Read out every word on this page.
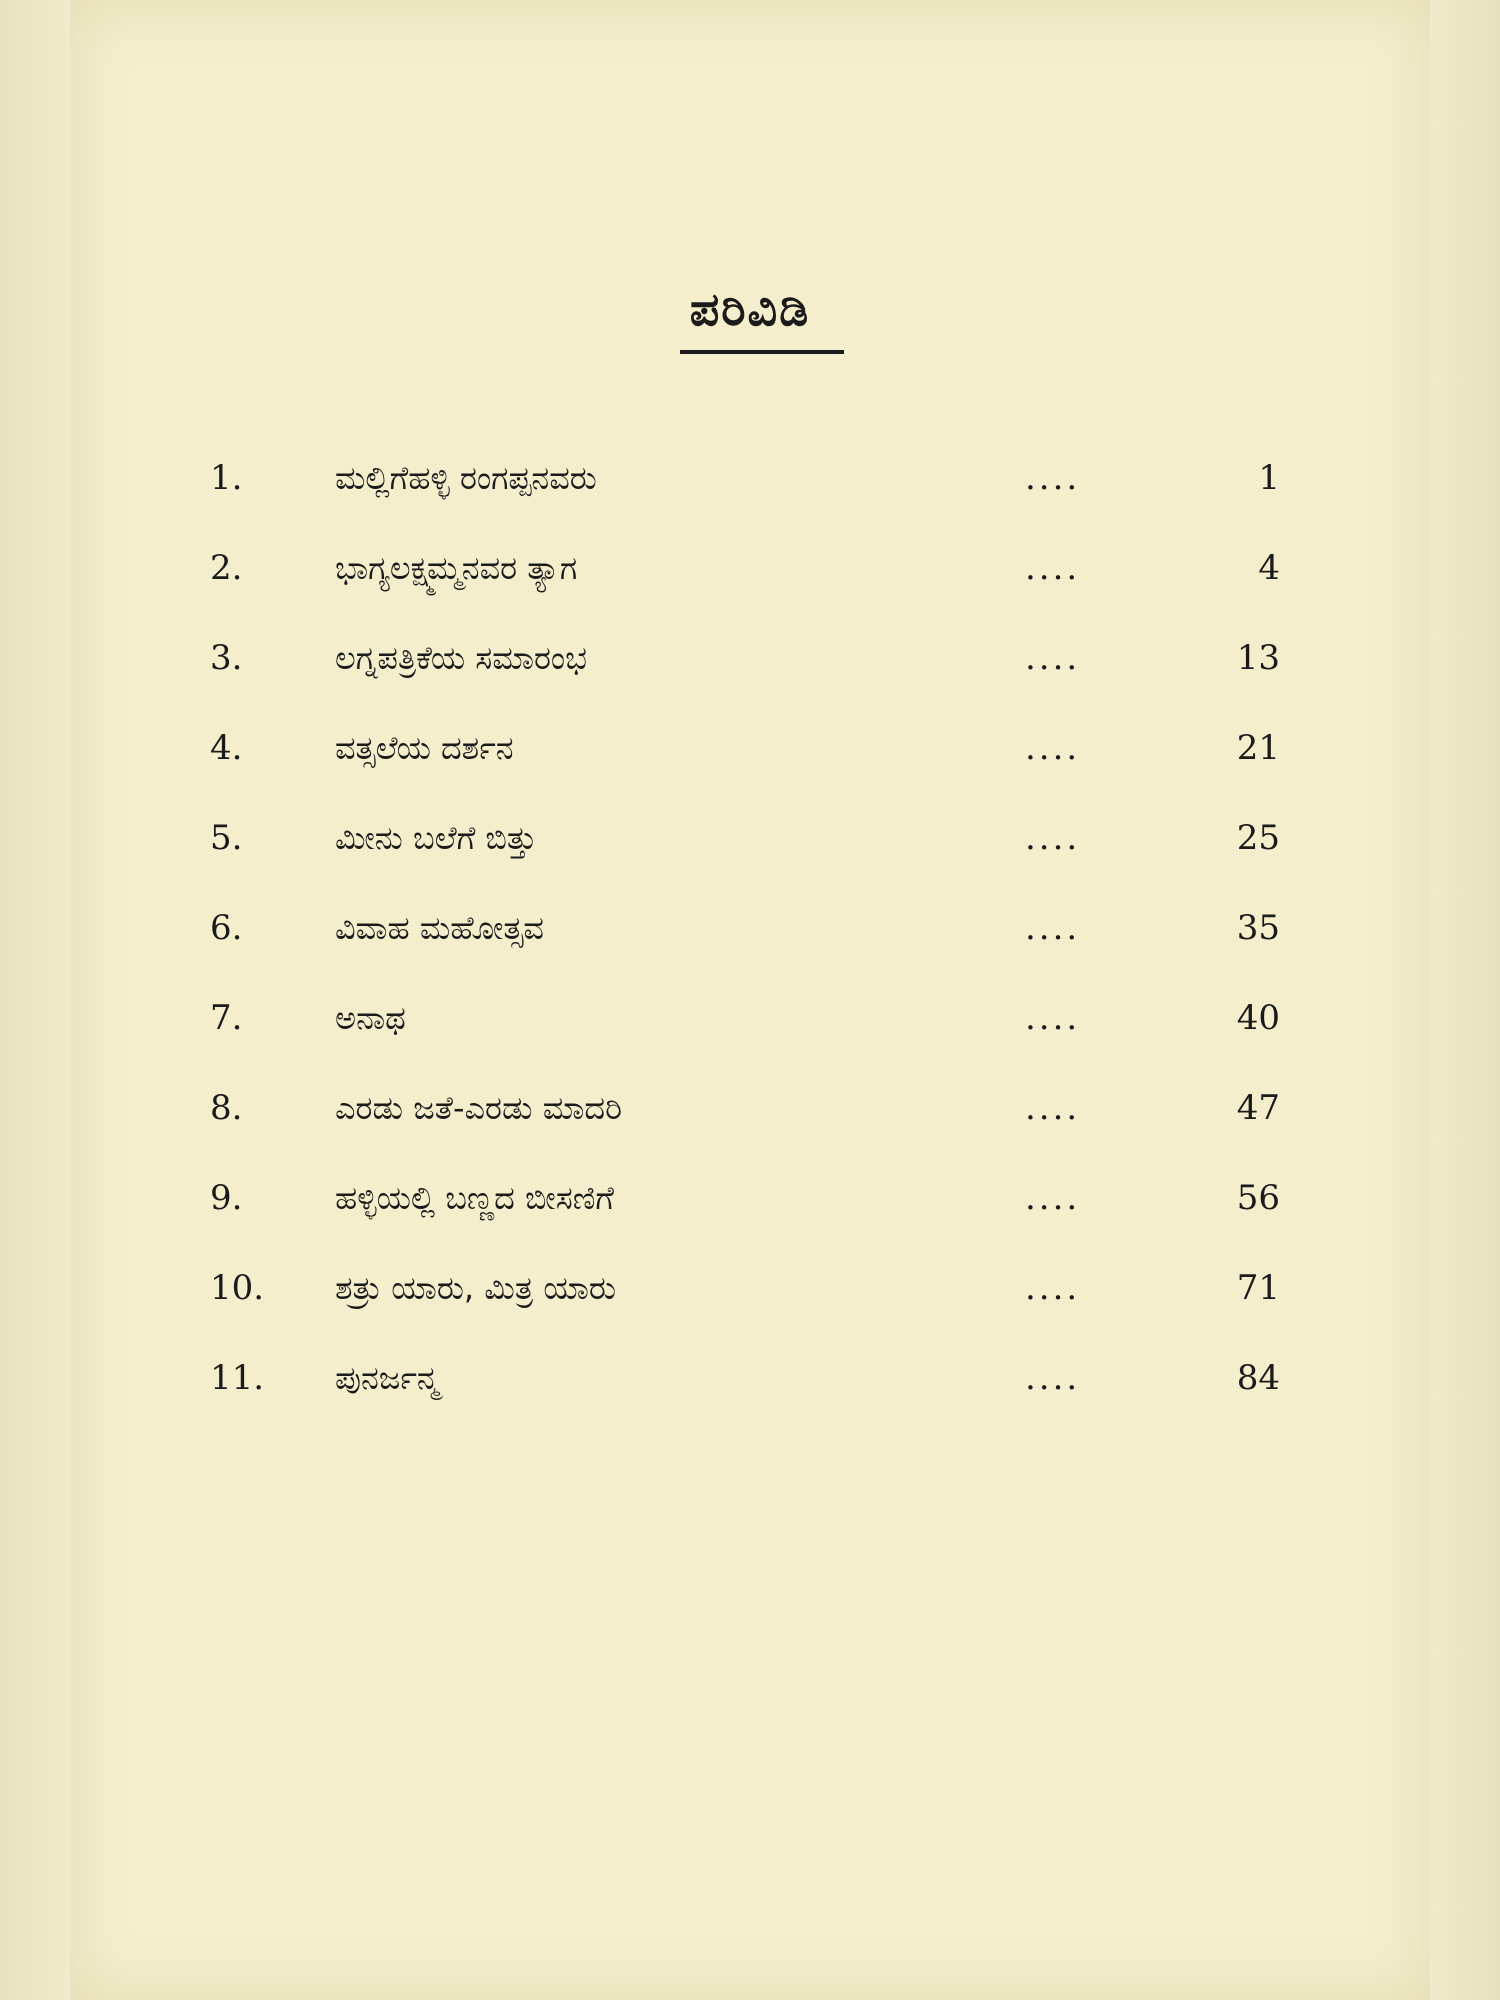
ಪರಿವಿಡಿ
1.	ಮಲ್ಲಿಗೆಹಳ್ಳಿ ರಂಗಪ್ಪನವರು	....	1
2.	ಭಾಗ್ಯಲಕ್ಷ್ಮಮ್ಮನವರ ತ್ಯಾಗ	....	4
3.	ಲಗ್ನಪತ್ರಿಕೆಯ ಸಮಾರಂಭ	....	13
4.	ವತ್ಸಲೆಯ ದರ್ಶನ	....	21
5.	ಮೀನು ಬಲೆಗೆ ಬಿತ್ತು	....	25
6.	ವಿವಾಹ ಮಹೋತ್ಸವ	....	35
7.	ಅನಾಥ	....	40
8.	ಎರಡು ಜತೆ-ಎರಡು ಮಾದರಿ	....	47
9.	ಹಳ್ಳಿಯಲ್ಲಿ ಬಣ್ಣದ ಬೀಸಣಿಗೆ	....	56
10. ಶತ್ರು ಯಾರು, ಮಿತ್ರ ಯಾರು	....	71
11. ಪುನರ್ಜನ್ಮ	....	84
